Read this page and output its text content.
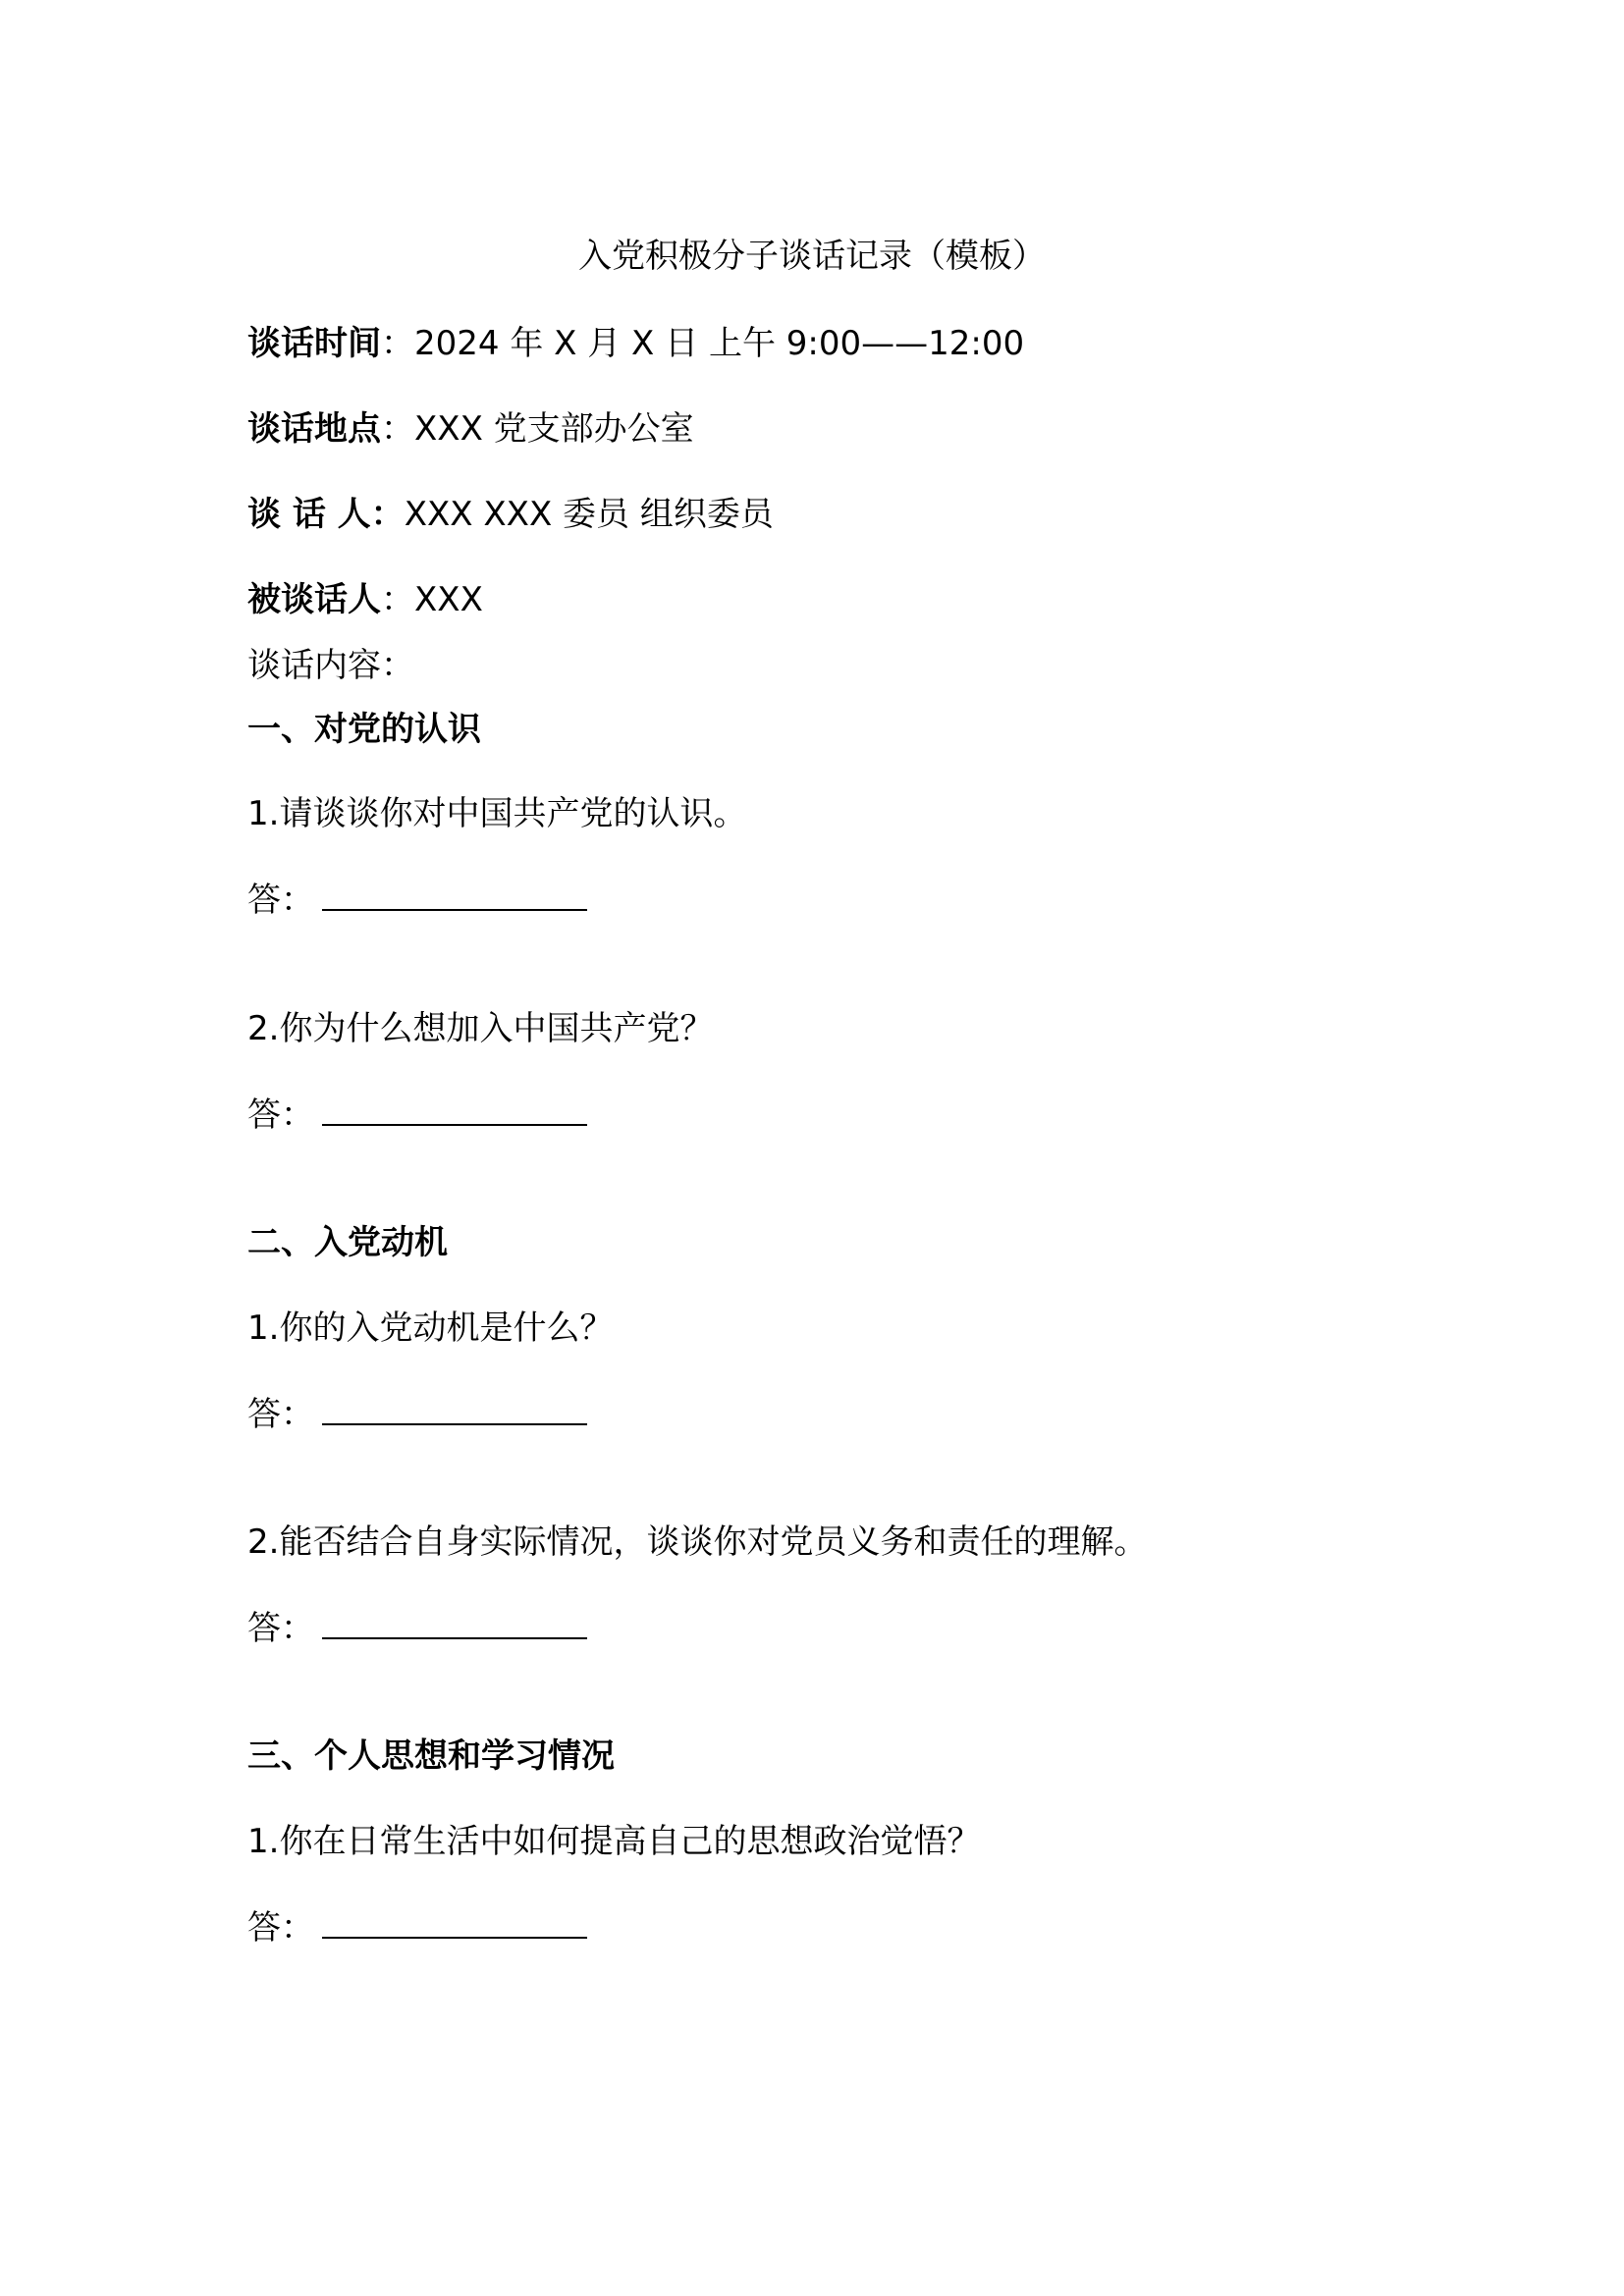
入党积极分子谈话记录（模板）
谈话时间：2024 年 X 月 X 日 上午 9:00——12:00
谈话地点：XXX 党支部办公室
谈 话 人：XXX XXX 委员 组织委员
被谈话人：XXX
谈话内容：
一、对党的认识
1.请谈谈你对中国共产党的认识。
答：
2.你为什么想加入中国共产党？
答：
二、入党动机
1.你的入党动机是什么？
答：
2.能否结合自身实际情况，谈谈你对党员义务和责任的理解。
答：
三、个人思想和学习情况
1.你在日常生活中如何提高自己的思想政治觉悟？
答：
